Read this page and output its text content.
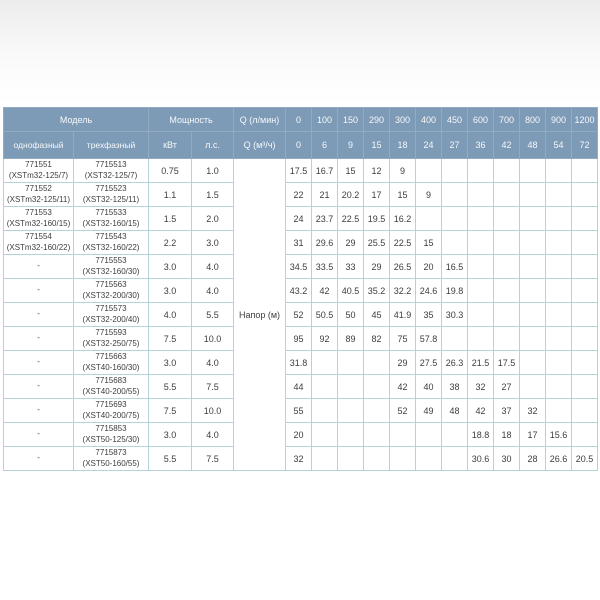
Модель		Мощность		Q (л/мин)	0	100	150	290	300	400	450	600	700	800	900	1200
однофазный	трехфазный	кВт	л.с.	Q (м³/ч)	0	6	9	15	18	24	27	36	42	48	54	72

771551
(XSTm32-125/7)	7715513
(XST32-125/7)	0.75	1.0	Напор (м)	17.5	16.7	15	12	9							

771552
(XSTm32-125/11)	7715523
(XST32-125/11)	1.1	1.5		22	21	20.2	17	15	9						

771553
(XSTm32-160/15)	7715533
(XST32-160/15)	1.5	2.0		24	23.7	22.5	19.5	16.2							

771554
(XSTm32-160/22)	7715543
(XST32-160/22)	2.2	3.0		31	29.6	29	25.5	22.5	15						

-	7715553
(XST32-160/30)	3.0	4.0		34.5	33.5	33	29	26.5	20	16.5					

-	7715563
(XST32-200/30)	3.0	4.0		43.2	42	40.5	35.2	32.2	24.6	19.8					

-	7715573
(XST32-200/40)	4.0	5.5		52	50.5	50	45	41.9	35	30.3					

-	7715593
(XST32-250/75)	7.5	10.0		95	92	89	82	75	57.8						

-	7715663
(XST40-160/30)	3.0	4.0		31.8				29	27.5	26.3	21.5	17.5			

-	7715683
(XST40-200/55)	5.5	7.5		44				42	40	38	32	27			

-	7715693
(XST40-200/75)	7.5	10.0		55				52	49	48	42	37	32		

-	7715853
(XST50-125/30)	3.0	4.0		20							18.8	18	17	15.6	

-	7715873
(XST50-160/55)	5.5	7.5		32							30.6	30	28	26.6	20.5
